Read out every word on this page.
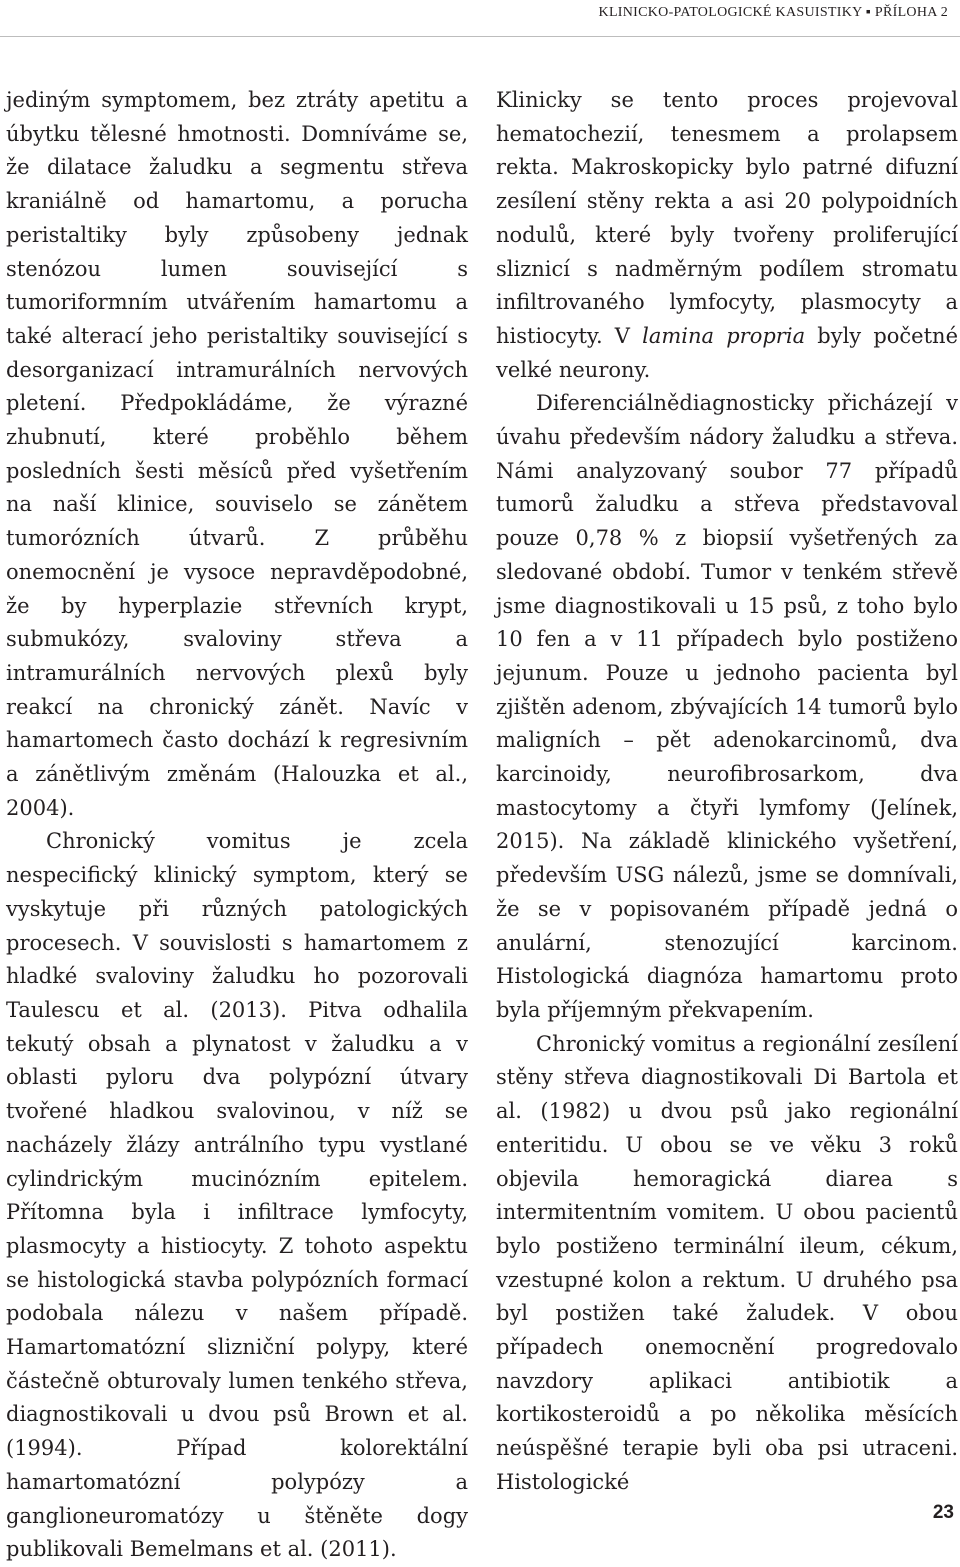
KLINICKO-PATOLOGICKÉ KASUISTIKY ▪ PŘÍLOHA 2

jediným symptomem, bez ztráty apetitu a úbytku tělesné hmotnosti. Domníváme se, že dilatace žaludku a segmentu střeva kraniálně od hamartomu, a porucha peristaltiky byly způsobeny jednak stenózou lumen související s tumoriformním utvářením hamartomu a také alterací jeho peristaltiky související s desorganizací intramurálních nervových pletení. Předpokládáme, že výrazné zhubnutí, které proběhlo během posledních šesti měsíců před vyšetřením na naší klinice, souviselo se zánětem tumorózních útvarů. Z průběhu onemocnění je vysoce nepravděpodobné, že by hyperplazie střevních krypt, submukózy, svaloviny střeva a intramurálních nervových plexů byly reakcí na chronický zánět. Navíc v hamartomech často dochází k regresivním a zánětlivým změnám (Halouzka et al., 2004).

Chronický vomitus je zcela nespecifický klinický symptom, který se vyskytuje při různých patologických procesech. V souvislosti s hamartomem z hladké svaloviny žaludku ho pozorovali Taulescu et al. (2013). Pitva odhalila tekutý obsah a plynatost v žaludku a v oblasti pyloru dva polypózní útvary tvořené hladkou svalovinou, v níž se nacházely žlázy antrálního typu vystlané cylindrickým mucinózním epitelem. Přítomna byla i infiltrace lymfocyty, plasmocyty a histiocyty. Z tohoto aspektu se histologická stavba polypózních formací podobala nálezu v našem případě. Hamartomatózní slizniční polypy, které částečně obturovaly lumen tenkého střeva, diagnostikovali u dvou psů Brown et al. (1994). Případ kolorektální hamartomatózní polypózy a ganglioneuromatózy u štěněte dogy publikovali Bemelmans et al. (2011).

Klinicky se tento proces projevoval hematochezií, tenesmem a prolapsem rekta. Makroskopicky bylo patrné difuzní zesílení stěny rekta a asi 20 polypoidních nodulů, které byly tvořeny proliferující sliznicí s nadměrným podílem stromatu infiltrovaného lymfocyty, plasmocyty a histiocyty. V lamina propria byly početné velké neurony.

Diferenciálnědiagnosticky přicházejí v úvahu především nádory žaludku a střeva. Námi analyzovaný soubor 77 případů tumorů žaludku a střeva představoval pouze 0,78 % z biopsií vyšetřených za sledované období. Tumor v tenkém střevě jsme diagnostikovali u 15 psů, z toho bylo 10 fen a v 11 případech bylo postiženo jejunum. Pouze u jednoho pacienta byl zjištěn adenom, zbývajících 14 tumorů bylo maligních – pět adenokarcinomů, dva karcinoidy, neurofibrosarkom, dva mastocytomy a čtyři lymfomy (Jelínek, 2015). Na základě klinického vyšetření, především USG nálezů, jsme se domnívali, že se v popisovaném případě jedná o anulární, stenozující karcinom. Histologická diagnóza hamartomu proto byla příjemným překvapením.

Chronický vomitus a regionální zesílení stěny střeva diagnostikovali Di Bartola et al. (1982) u dvou psů jako regionální enteritidu. U obou se ve věku 3 roků objevila hemoragická diarea s intermitentním vomitem. U obou pacientů bylo postiženo terminální ileum, cékum, vzestupné kolon a rektum. U druhého psa byl postižen také žaludek. V obou případech onemocnění progredovalo navzdory aplikaci antibiotik a kortikosteroidů a po několika měsících neúspěšné terapie byli oba psi utraceni. Histologické

23
